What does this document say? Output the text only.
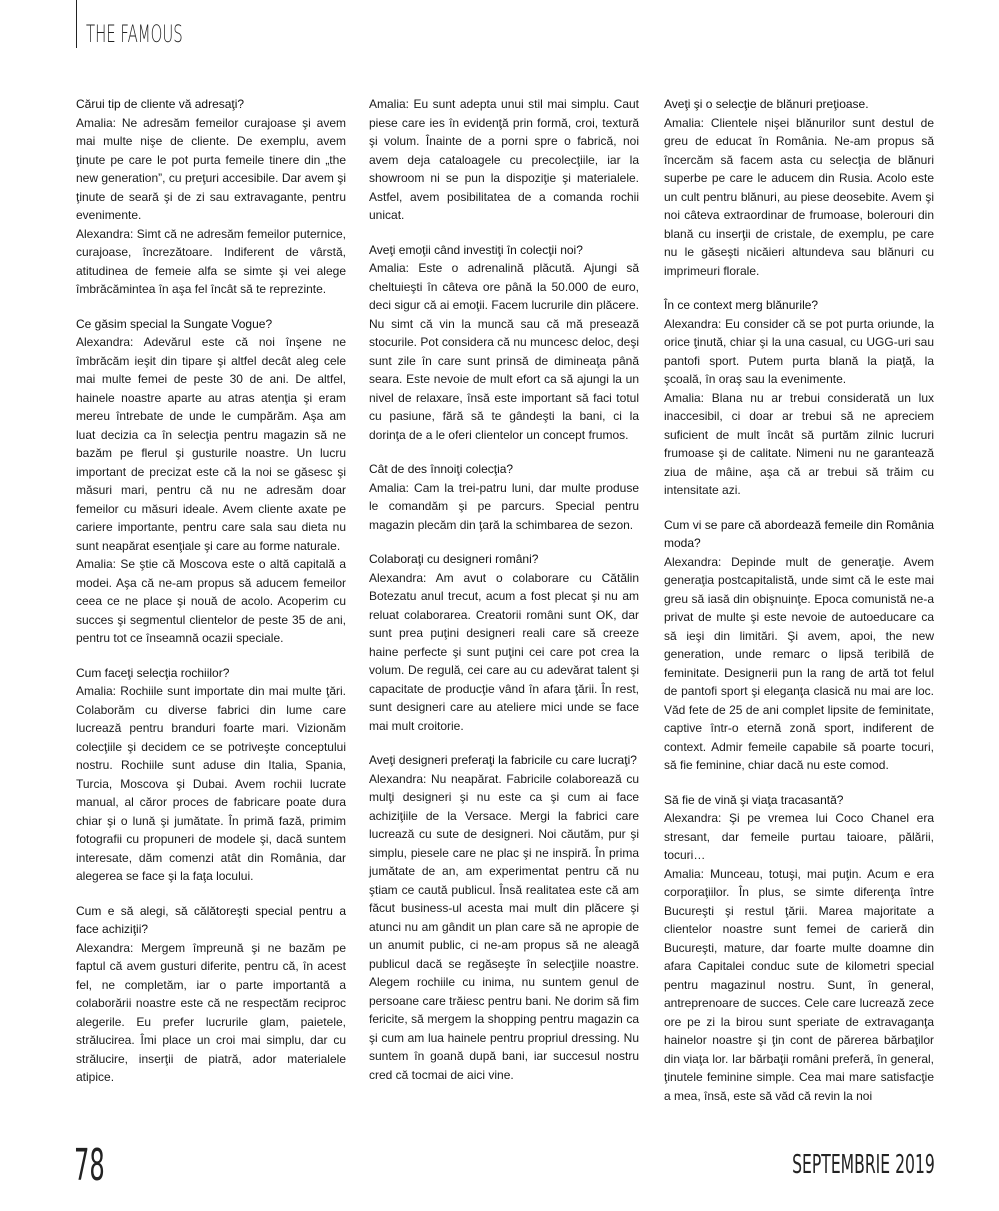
THE FAMOUS
Cărui tip de cliente vă adresaţi?
Amalia: Ne adresăm femeilor curajoase şi avem mai multe nişe de cliente. De exemplu, avem ţinute pe care le pot purta femeile tinere din „the new generation”, cu preţuri accesibile. Dar avem şi ţinute de seară şi de zi sau extravagante, pentru evenimente.
Alexandra: Simt că ne adresăm femeilor puternice, curajoase, încrezătoare. Indiferent de vârstă, atitudinea de femeie alfa se simte şi vei alege îmbrăcămintea în aşa fel încât să te reprezinte.
Ce găsim special la Sungate Vogue?
Alexandra: Adevărul este că noi înşene ne îmbrăcăm ieşit din tipare şi altfel decât aleg cele mai multe femei de peste 30 de ani. De altfel, hainele noastre aparte au atras atenţia şi eram mereu întrebate de unde le cumpărăm. Aşa am luat decizia ca în selecţia pentru magazin să ne bazăm pe flerul şi gusturile noastre. Un lucru important de precizat este că la noi se găsesc şi măsuri mari, pentru că nu ne adresăm doar femeilor cu măsuri ideale. Avem cliente axate pe cariere importante, pentru care sala sau dieta nu sunt neapărat esenţiale şi care au forme naturale.
Amalia: Se ştie că Moscova este o altă capitală a modei. Aşa că ne-am propus să aducem femeilor ceea ce ne place şi nouă de acolo. Acoperim cu succes şi segmentul clientelor de peste 35 de ani, pentru tot ce înseamnă ocazii speciale.
Cum faceţi selecţia rochiilor?
Amalia: Rochiile sunt importate din mai multe ţări. Colaborăm cu diverse fabrici din lume care lucrează pentru branduri foarte mari. Vizionăm colecţiile şi decidem ce se potriveşte conceptului nostru. Rochiile sunt aduse din Italia, Spania, Turcia, Moscova şi Dubai. Avem rochii lucrate manual, al căror proces de fabricare poate dura chiar şi o lună şi jumătate. În primă fază, primim fotografii cu propuneri de modele şi, dacă suntem interesate, dăm comenzi atât din România, dar alegerea se face şi la faţa locului.
Cum e să alegi, să călătoreşti special pentru a face achiziţii?
Alexandra: Mergem împreună şi ne bazăm pe faptul că avem gusturi diferite, pentru că, în acest fel, ne completăm, iar o parte importantă a colaborării noastre este că ne respectăm reciproc alegerile. Eu prefer lucrurile glam, paietele, strălucirea. Îmi place un croi mai simplu, dar cu strălucire, inserţii de piatră, ador materialele atipice.
Amalia: Eu sunt adepta unui stil mai simplu. Caut piese care ies în evidenţă prin formă, croi, textură şi volum. Înainte de a porni spre o fabrică, noi avem deja cataloagele cu precolecţiile, iar la showroom ni se pun la dispoziţie şi materialele. Astfel, avem posibilitatea de a comanda rochii unicat.
Aveţi emoţii când investiţi în colecţii noi?
Amalia: Este o adrenalină plăcută. Ajungi să cheltuieşti în câteva ore până la 50.000 de euro, deci sigur că ai emoţii. Facem lucrurile din plăcere. Nu simt că vin la muncă sau că mă presează stocurile. Pot considera că nu muncesc deloc, deşi sunt zile în care sunt prinsă de dimineaţa până seara. Este nevoie de mult efort ca să ajungi la un nivel de relaxare, însă este important să faci totul cu pasiune, fără să te gândeşti la bani, ci la dorinţa de a le oferi clientelor un concept frumos.
Cât de des înnoiţi colecţia?
Amalia: Cam la trei-patru luni, dar multe produse le comandăm şi pe parcurs. Special pentru magazin plecăm din ţară la schimbarea de sezon.
Colaboraţi cu designeri români?
Alexandra: Am avut o colaborare cu Cătălin Botezatu anul trecut, acum a fost plecat şi nu am reluat colaborarea. Creatorii români sunt OK, dar sunt prea puţini designeri reali care să creeze haine perfecte şi sunt puţini cei care pot crea la volum. De regulă, cei care au cu adevărat talent şi capacitate de producţie vând în afara ţării. În rest, sunt designeri care au ateliere mici unde se face mai mult croitorie.
Aveţi designeri preferaţi la fabricile cu care lucraţi?
Alexandra: Nu neapărat. Fabricile colaborează cu mulţi designeri şi nu este ca şi cum ai face achiziţiile de la Versace. Mergi la fabrici care lucrează cu sute de designeri. Noi căutăm, pur şi simplu, piesele care ne plac şi ne inspiră. În prima jumătate de an, am experimentat pentru că nu ştiam ce caută publicul. Însă realitatea este că am făcut business-ul acesta mai mult din plăcere şi atunci nu am gândit un plan care să ne apropie de un anumit public, ci ne-am propus să ne aleagă publicul dacă se regăseşte în selecţiile noastre. Alegem rochiile cu inima, nu suntem genul de persoane care trăiesc pentru bani. Ne dorim să fim fericite, să mergem la shopping pentru magazin ca şi cum am lua hainele pentru propriul dressing. Nu suntem în goană după bani, iar succesul nostru cred că tocmai de aici vine.
Aveţi şi o selecţie de blănuri preţioase.
Amalia: Clientele nişei blănurilor sunt destul de greu de educat în România. Ne-am propus să încercăm să facem asta cu selecţia de blănuri superbe pe care le aducem din Rusia. Acolo este un cult pentru blănuri, au piese deosebite. Avem şi noi câteva extraordinar de frumoase, bolerouri din blană cu inserţii de cristale, de exemplu, pe care nu le găseşti nicăieri altundeva sau blănuri cu imprimeuri florale.
În ce context merg blănurile?
Alexandra: Eu consider că se pot purta oriunde, la orice ţinută, chiar şi la una casual, cu UGG-uri sau pantofi sport. Putem purta blană la piaţă, la şcoală, în oraş sau la evenimente.
Amalia: Blana nu ar trebui considerată un lux inaccesibil, ci doar ar trebui să ne apreciem suficient de mult încât să purtăm zilnic lucruri frumoase şi de calitate. Nimeni nu ne garantează ziua de mâine, aşa că ar trebui să trăim cu intensitate azi.
Cum vi se pare că abordează femeile din România moda?
Alexandra: Depinde mult de generaţie. Avem generaţia postcapitalistă, unde simt că le este mai greu să iasă din obişnuinţe. Epoca comunistă ne-a privat de multe şi este nevoie de autoeducare ca să ieşi din limitări. Şi avem, apoi, the new generation, unde remarc o lipsă teribilă de feminitate. Designerii pun la rang de artă tot felul de pantofi sport şi eleganţa clasică nu mai are loc. Văd fete de 25 de ani complet lipsite de feminitate, captive într-o eternă zonă sport, indiferent de context. Admir femeile capabile să poarte tocuri, să fie feminine, chiar dacă nu este comod.
Să fie de vină şi viaţa tracasantă?
Alexandra: Şi pe vremea lui Coco Chanel era stresant, dar femeile purtau taioare, pălării, tocuri…
Amalia: Munceau, totuşi, mai puţin. Acum e era corporaţiilor. În plus, se simte diferenţa între Bucureşti şi restul ţării. Marea majoritate a clientelor noastre sunt femei de carieră din Bucureşti, mature, dar foarte multe doamne din afara Capitalei conduc sute de kilometri special pentru magazinul nostru. Sunt, în general, antreprenoare de succes. Cele care lucrează zece ore pe zi la birou sunt speriate de extravaganţa hainelor noastre şi ţin cont de părerea bărbaţilor din viaţa lor. Iar bărbaţii români preferă, în general, ţinutele feminine simple. Cea mai mare satisfacţie a mea, însă, este să văd că revin la noi
78	SEPTEMBRIE 2019
